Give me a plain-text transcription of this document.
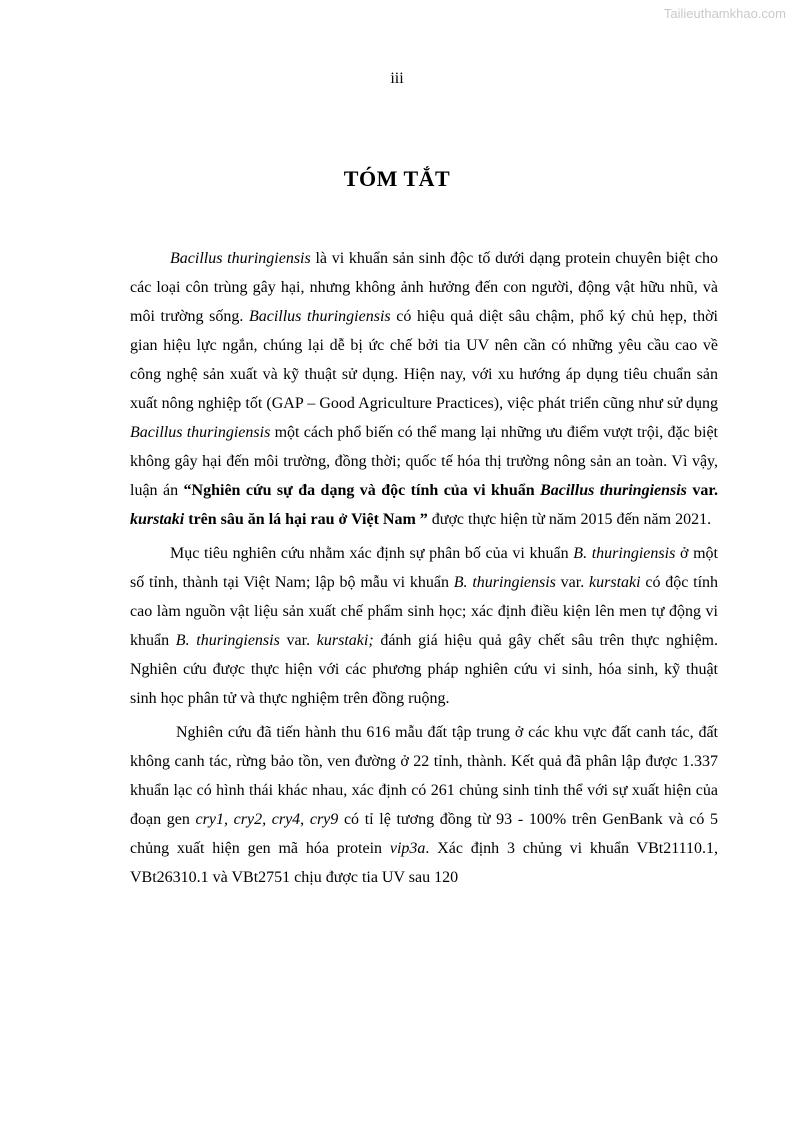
Tailieuthamkhao.com
iii
TÓM TẮT

Bacillus thuringiensis là vi khuẩn sản sinh độc tố dưới dạng protein chuyên biệt cho các loại côn trùng gây hại, nhưng không ảnh hưởng đến con người, động vật hữu nhũ, và môi trường sống. Bacillus thuringiensis có hiệu quả diệt sâu chậm, phổ ký chủ hẹp, thời gian hiệu lực ngắn, chúng lại dễ bị ức chế bởi tia UV nên cần có những yêu cầu cao về công nghệ sản xuất và kỹ thuật sử dụng. Hiện nay, với xu hướng áp dụng tiêu chuẩn sản xuất nông nghiệp tốt (GAP – Good Agriculture Practices), việc phát triển cũng như sử dụng Bacillus thuringiensis một cách phổ biến có thể mang lại những ưu điểm vượt trội, đặc biệt không gây hại đến môi trường, đồng thời; quốc tế hóa thị trường nông sản an toàn. Vì vậy, luận án “Nghiên cứu sự đa dạng và độc tính của vi khuẩn Bacillus thuringiensis var. kurstaki trên sâu ăn lá hại rau ở Việt Nam ” được thực hiện từ năm 2015 đến năm 2021.

Mục tiêu nghiên cứu nhằm xác định sự phân bố của vi khuẩn B. thuringiensis ở một số tỉnh, thành tại Việt Nam; lập bộ mẫu vi khuẩn B. thuringiensis var. kurstaki có độc tính cao làm nguồn vật liệu sản xuất chế phẩm sinh học; xác định điều kiện lên men tự động vi khuẩn B. thuringiensis var. kurstaki; đánh giá hiệu quả gây chết sâu trên thực nghiệm. Nghiên cứu được thực hiện với các phương pháp nghiên cứu vi sinh, hóa sinh, kỹ thuật sinh học phân tử và thực nghiệm trên đồng ruộng.

Nghiên cứu đã tiến hành thu 616 mẫu đất tập trung ở các khu vực đất canh tác, đất không canh tác, rừng bảo tồn, ven đường ở 22 tỉnh, thành. Kết quả đã phân lập được 1.337 khuẩn lạc có hình thái khác nhau, xác định có 261 chủng sinh tinh thể với sự xuất hiện của đoạn gen cry1, cry2, cry4, cry9 có tỉ lệ tương đồng từ 93 - 100% trên GenBank và có 5 chủng xuất hiện gen mã hóa protein vip3a. Xác định 3 chủng vi khuẩn VBt21110.1, VBt26310.1 và VBt2751 chịu được tia UV sau 120
